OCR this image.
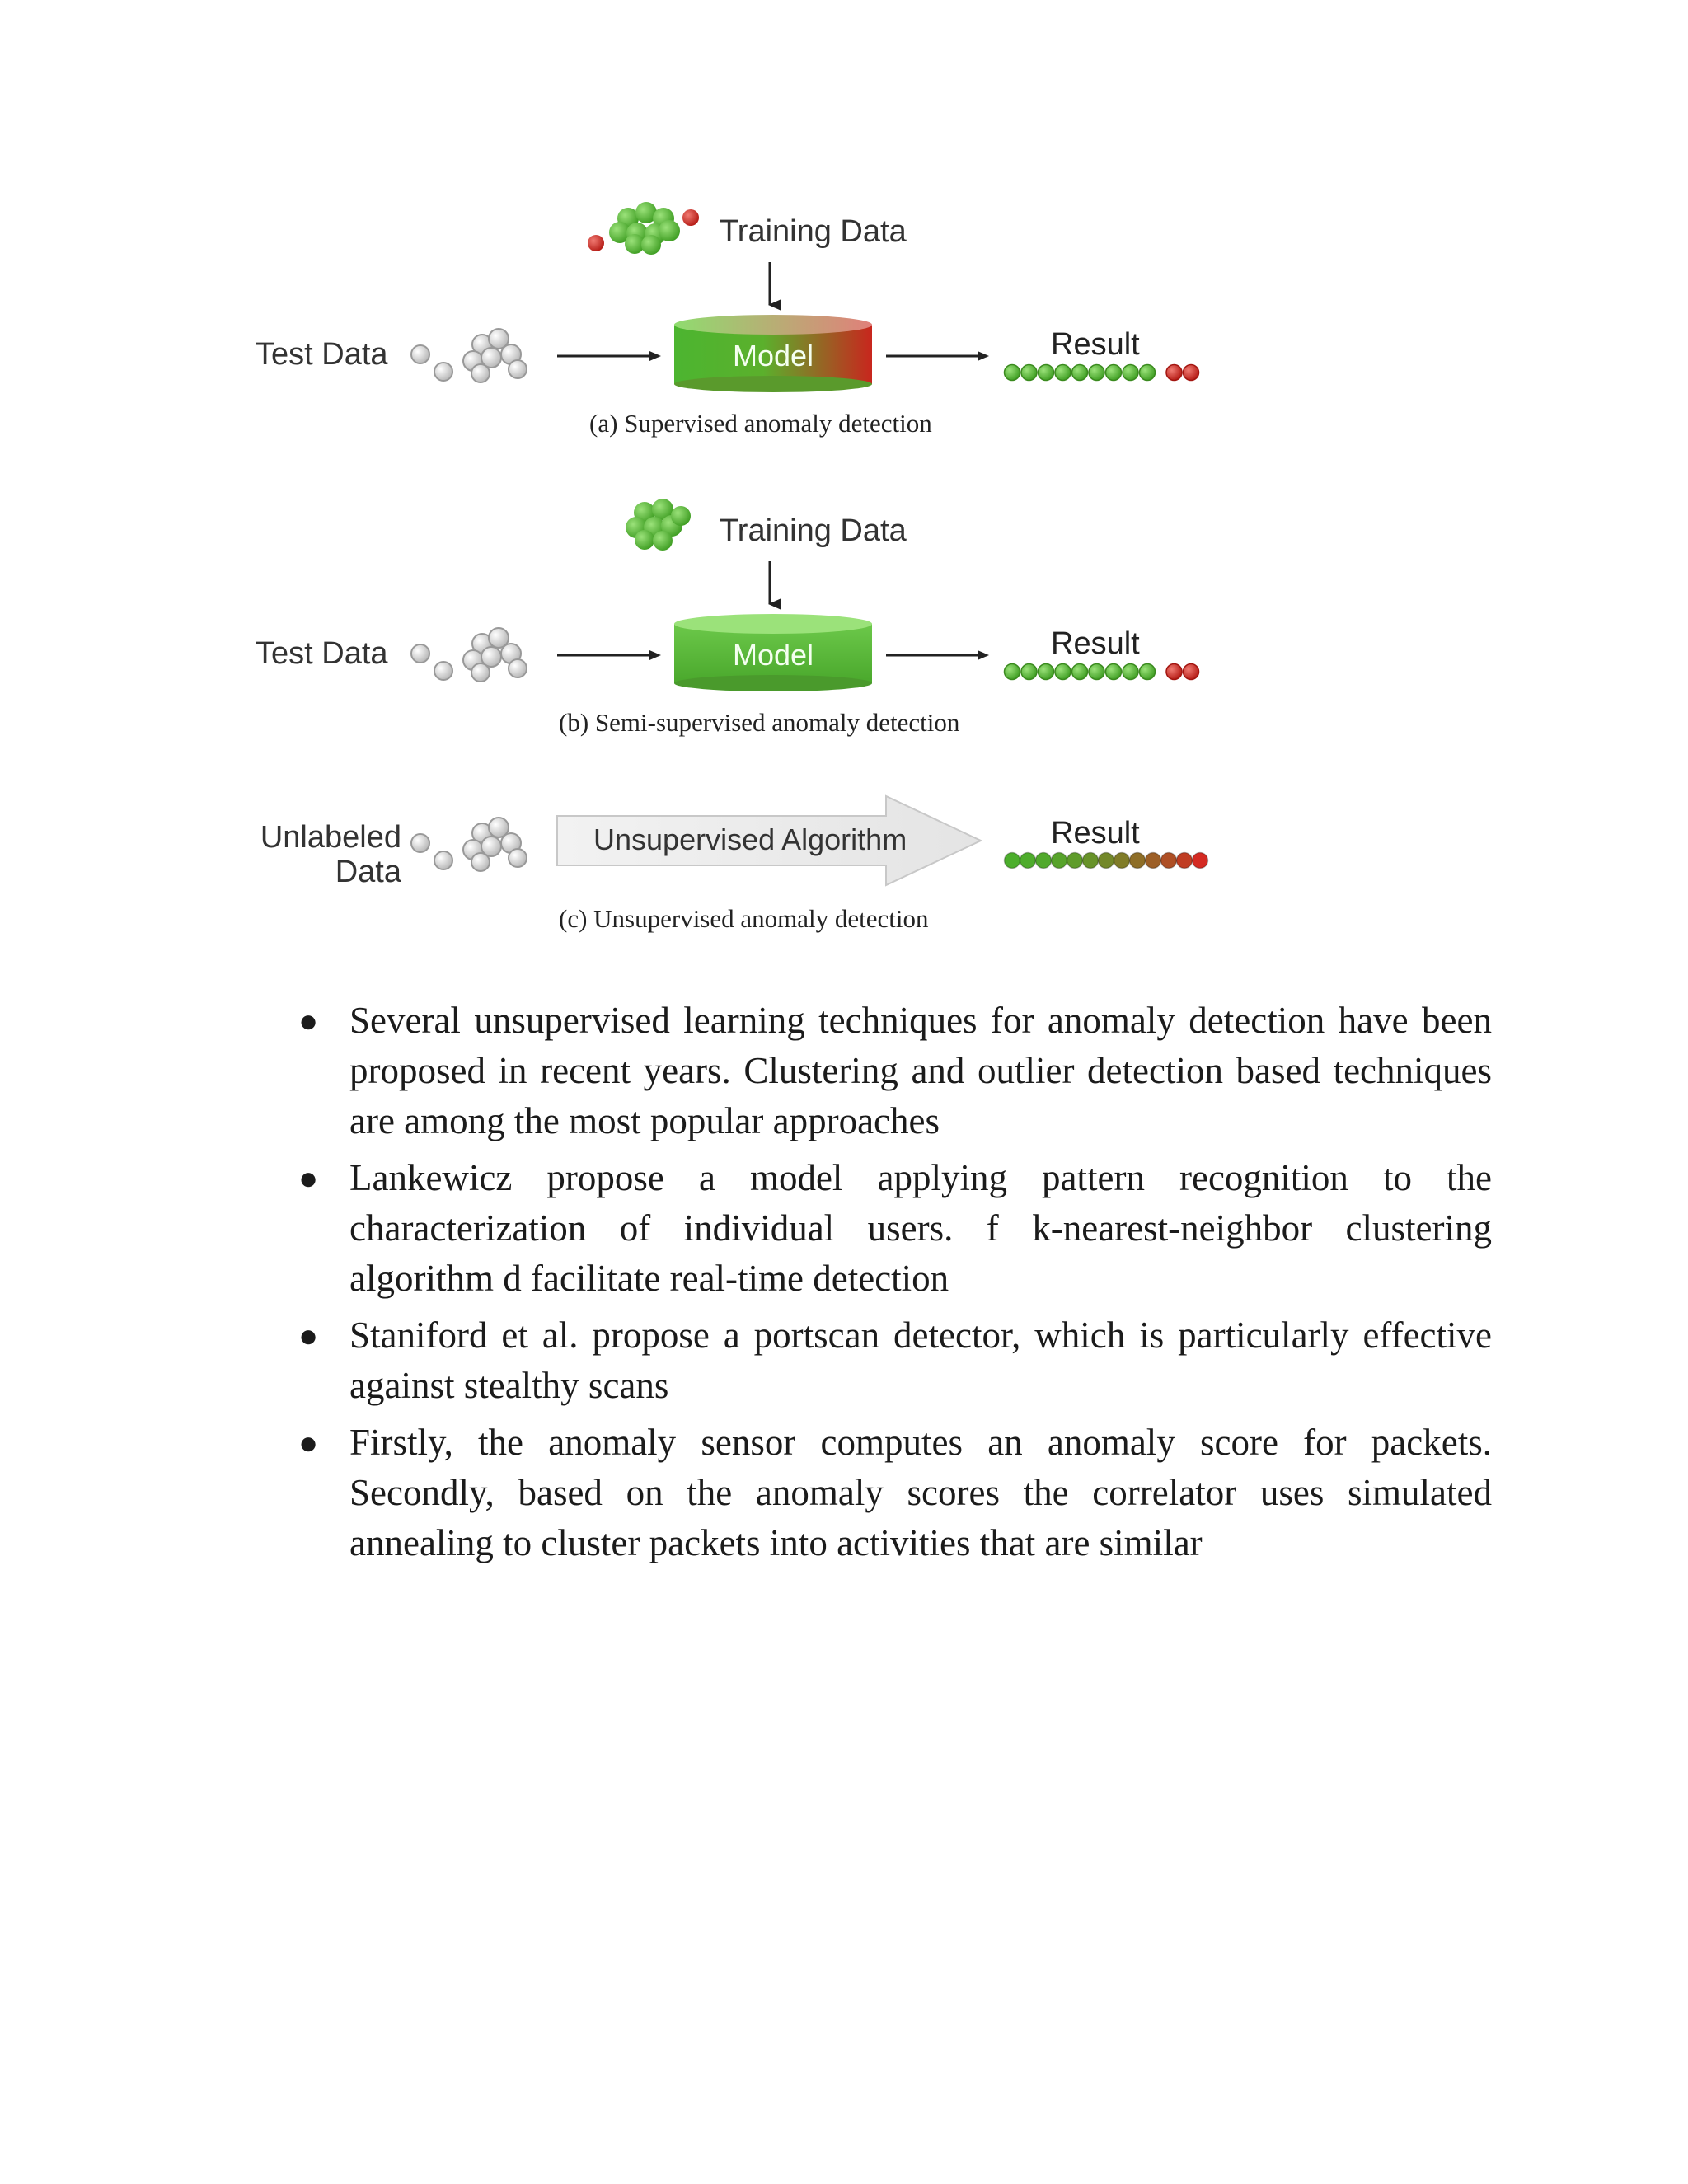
Training Data
Test Data	Model	Result
(a) Supervised anomaly detection
Training Data
Test Data	Model	Result
(b) Semi-supervised anomaly detection
Unlabeled
Data
Unsupervised Algorithm	Result
(c) Unsupervised anomaly detection
● Several unsupervised learning techniques for anomaly detection have been proposed in recent years. Clustering and outlier detection based techniques are among the most popular approaches
● Lankewicz propose a model applying pattern recognition to the characterization of individual users. f k-nearest-neighbor clustering algorithm d facilitate real-time detection
● Staniford et al. propose a portscan detector, which is particularly effective against stealthy scans
● Firstly, the anomaly sensor computes an anomaly score for packets. Secondly, based on the anomaly scores the correlator uses simulated annealing to cluster packets into activities that are similar
